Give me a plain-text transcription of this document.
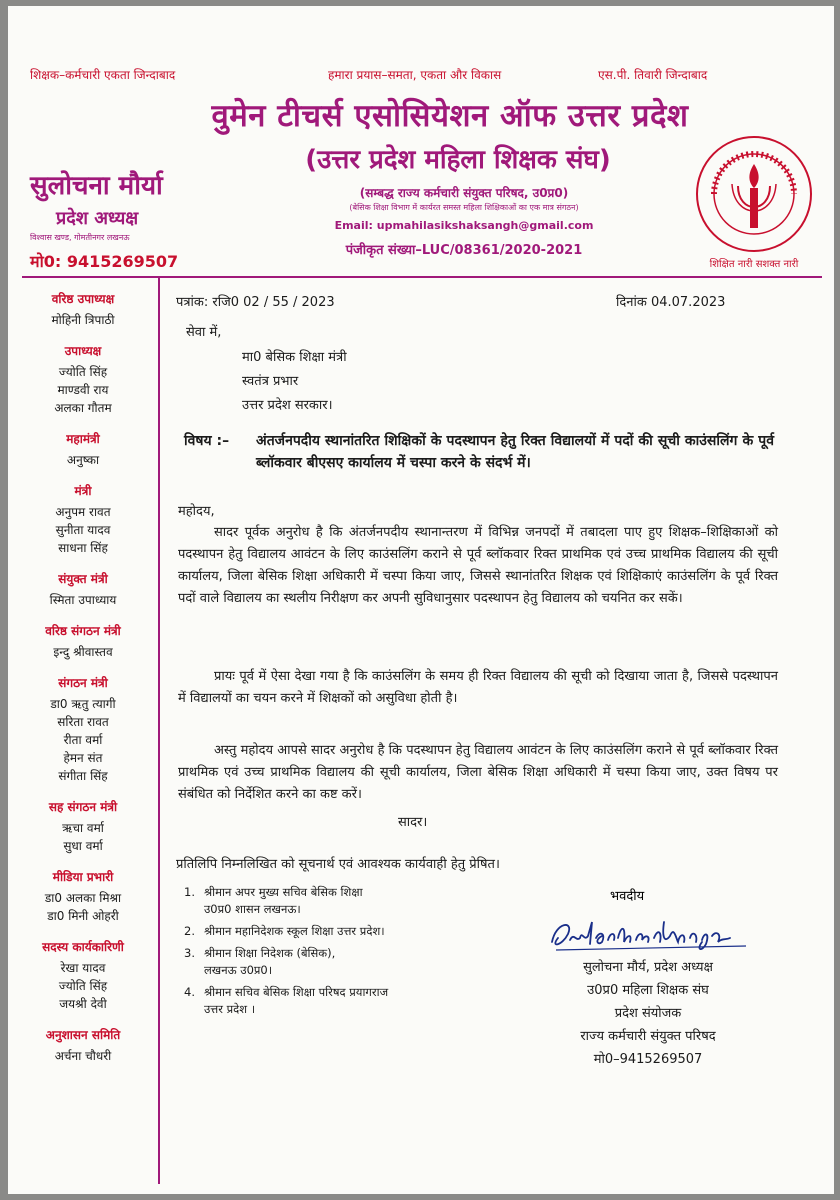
शिक्षक–कर्मचारी एकता जिन्दाबाद	हमारा प्रयास–समता, एकता और विकास	एस.पी. तिवारी जिन्दाबाद
वुमेन टीचर्स एसोसियेशन ऑफ उत्तर प्रदेश
(उत्तर प्रदेश महिला शिक्षक संघ)
(सम्बद्ध राज्य कर्मचारी संयुक्त परिषद, उ0प्र0)
(बेसिक शिक्षा विभाग में कार्यरत समस्त महिला शिक्षिकाओं का एक मात्र संगठन)
Email: upmahilasikshaksangh@gmail.com
पंजीकृत संख्या–LUC/08361/2020-2021
सुलोचना मौर्या
प्रदेश अध्यक्ष
विश्वास खण्ड, गोमतीनगर लखनऊ
मो0: 9415269507	शिक्षित नारी सशक्त नारी
वरिष्ठ उपाध्यक्ष
मोहिनी त्रिपाठी
उपाध्यक्ष
ज्योति सिंह
माण्डवी राय
अलका गौतम
महामंत्री
अनुष्का
मंत्री
अनुपम रावत
सुनीता यादव
साधना सिंह
संयुक्त मंत्री
स्मिता उपाध्याय
वरिष्ठ संगठन मंत्री
इन्दु श्रीवास्तव
संगठन मंत्री
डा0 ऋतु त्यागी
सरिता रावत
रीता वर्मा
हेमन संत
संगीता सिंह
सह संगठन मंत्री
ऋचा वर्मा
सुधा वर्मा
मीडिया प्रभारी
डा0 अलका मिश्रा
डा0 मिनी ओहरी
सदस्य कार्यकारिणी
रेखा यादव
ज्योति सिंह
जयश्री देवी
अनुशासन समिति
अर्चना चौधरी
पत्रांक: रजि0 02 / 55 / 2023	दिनांक 04.07.2023
सेवा में,
मा0 बेसिक शिक्षा मंत्री
स्वतंत्र प्रभार
उत्तर प्रदेश सरकार।
विषय :–	अंतर्जनपदीय स्थानांतरित शिक्षिकों के पदस्थापन हेतु रिक्त विद्यालयों में पदों की सूची काउंसलिंग के पूर्व ब्लॉकवार बीएसए कार्यालय में चस्पा करने के संदर्भ में।
महोदय,
सादर पूर्वक अनुरोध है कि अंतर्जनपदीय स्थानान्तरण में विभिन्न जनपदों में तबादला पाए हुए शिक्षक–शिक्षिकाओं को पदस्थापन हेतु विद्यालय आवंटन के लिए काउंसलिंग कराने से पूर्व ब्लॉकवार रिक्त प्राथमिक एवं उच्च प्राथमिक विद्यालय की सूची कार्यालय, जिला बेसिक शिक्षा अधिकारी में चस्पा किया जाए, जिससे स्थानांतरित शिक्षक एवं शिक्षिकाएं काउंसलिंग के पूर्व रिक्त पदों वाले विद्यालय का स्थलीय निरीक्षण कर अपनी सुविधानुसार पदस्थापन हेतु विद्यालय को चयनित कर सकें।
प्रायः पूर्व में ऐसा देखा गया है कि काउंसलिंग के समय ही रिक्त विद्यालय की सूची को दिखाया जाता है, जिससे पदस्थापन में विद्यालयों का चयन करने में शिक्षकों को असुविधा होती है।
अस्तु महोदय आपसे सादर अनुरोध है कि पदस्थापन हेतु विद्यालय आवंटन के लिए काउंसलिंग कराने से पूर्व ब्लॉकवार रिक्त प्राथमिक एवं उच्च प्राथमिक विद्यालय की सूची कार्यालय, जिला बेसिक शिक्षा अधिकारी में चस्पा किया जाए, उक्त विषय पर संबंधित को निर्देशित करने का कष्ट करें।
सादर।
प्रतिलिपि निम्नलिखित को सूचनार्थ एवं आवश्यक कार्यवाही हेतु प्रेषित।
1. श्रीमान अपर मुख्य सचिव बेसिक शिक्षा
उ0प्र0 शासन लखनऊ।
2. श्रीमान महानिदेशक स्कूल शिक्षा उत्तर प्रदेश।
3. श्रीमान शिक्षा निदेशक (बेसिक),
लखनऊ उ0प्र0।
4. श्रीमान सचिव बेसिक शिक्षा परिषद प्रयागराज
उत्तर प्रदेश ।
भवदीय
सुलोचना मौर्य, प्रदेश अध्यक्ष
उ0प्र0 महिला शिक्षक संघ
प्रदेश संयोजक
राज्य कर्मचारी संयुक्त परिषद
मो0–9415269507
